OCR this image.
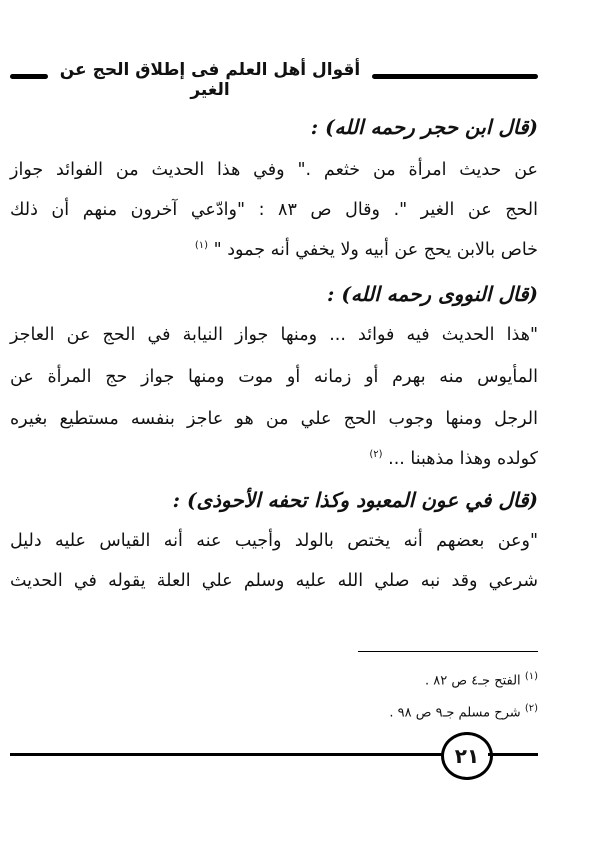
أقوال أهل العلم فى إطلاق الحج عن الغير
(قال ابن حجر رحمه الله) :
عن حديث امرأة من خثعم ." وفي هذا الحديث من الفوائد جواز
الحج عن الغير ". وقال ص ٨٣ : "وادّعي آخرون منهم أن ذلك
خاص بالابن يحج عن أبيه ولا يخفي أنه جمود " $^{(١)}$
(قال النووى رحمه الله) :
"هذا الحديث فيه فوائد ... ومنها جواز النيابة في الحج عن العاجز
المأيوس منه بهرم أو زمانه أو موت ومنها جواز حج المرأة عن
الرجل ومنها وجوب الحج علي من هو عاجز بنفسه مستطيع بغيره
كولده وهذا مذهبنا ... $^{(٢)}$
(قال في عون المعبود وكذا تحفه الأحوذى) :
"وعن بعضهم أنه يختص بالولد وأجيب عنه أنه القياس عليه دليل
شرعي وقد نبه صلي الله عليه وسلم علي العلة يقوله في الحديث
$^{(١)}$ الفتح جـ٤ ص ٨٢ .
$^{(٢)}$ شرح مسلم جـ٩ ص ٩٨ .
٢١
